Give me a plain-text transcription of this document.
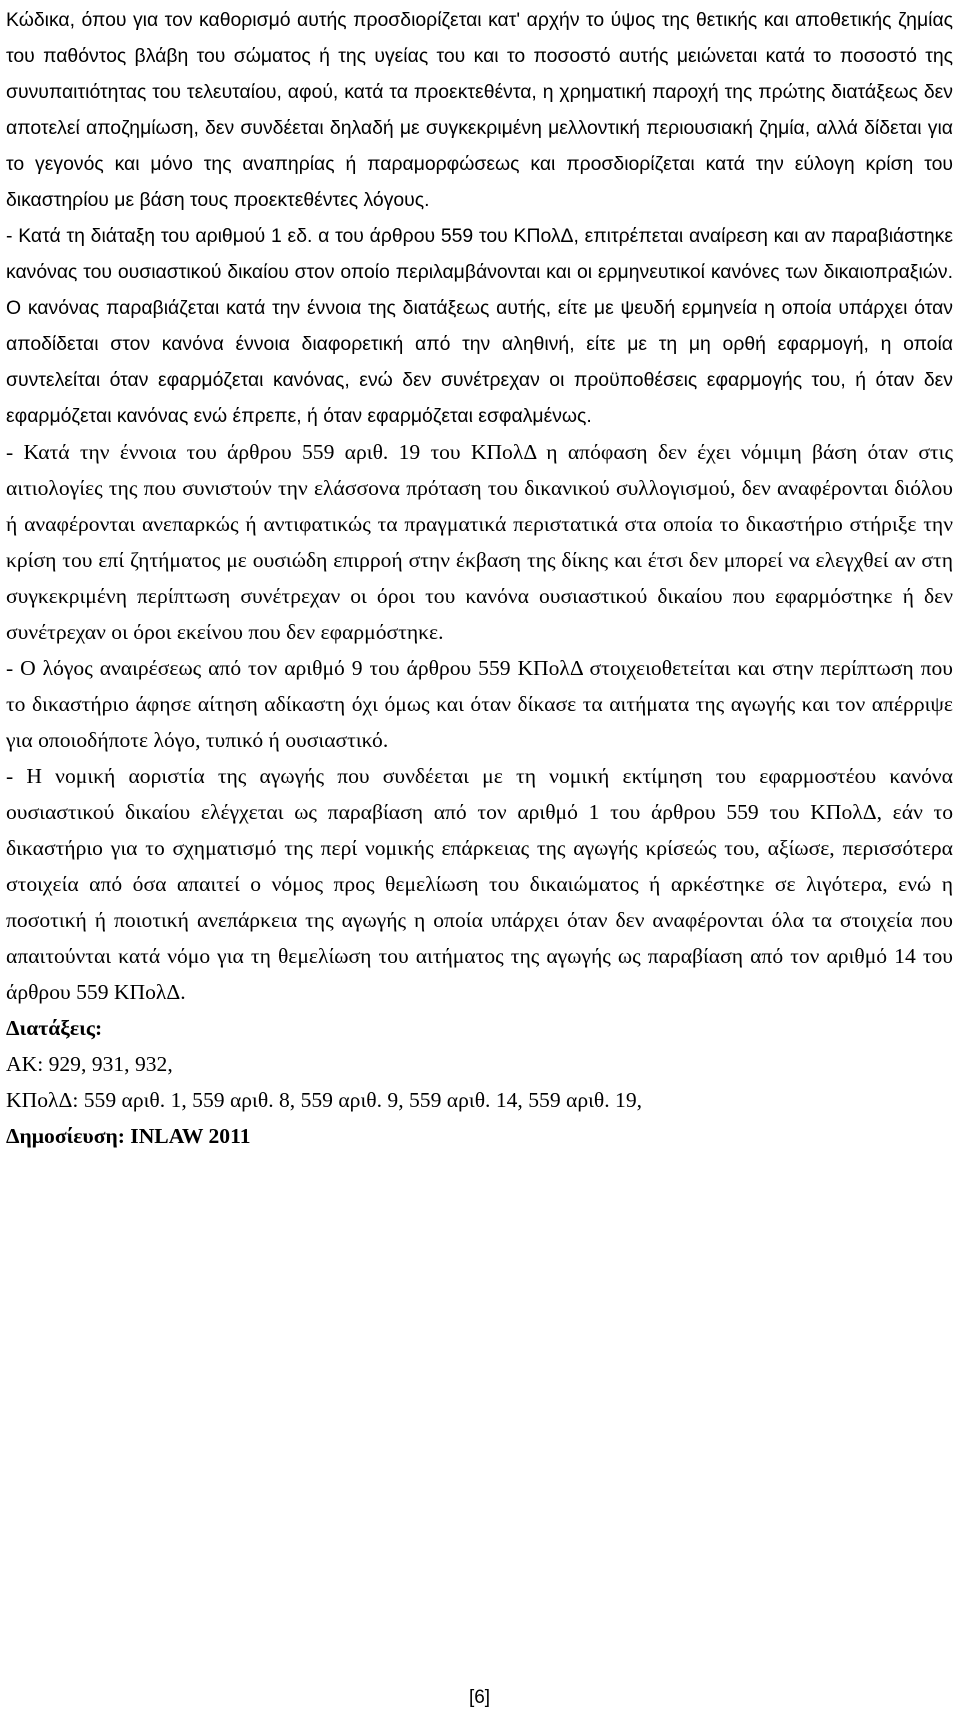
Κώδικα, όπου για τον καθορισμό αυτής προσδιορίζεται κατ' αρχήν το ύψος της θετικής και αποθετικής ζημίας του παθόντος βλάβη του σώματος ή της υγείας του και το ποσοστό αυτής μειώνεται κατά το ποσοστό της συνυπαιτιότητας του τελευταίου, αφού, κατά τα προεκτεθέντα, η χρηματική παροχή της πρώτης διατάξεως δεν αποτελεί αποζημίωση, δεν συνδέεται δηλαδή με συγκεκριμένη μελλοντική περιουσιακή ζημία, αλλά δίδεται για το γεγονός και μόνο της αναπηρίας ή παραμορφώσεως και προσδιορίζεται κατά την εύλογη κρίση του δικαστηρίου με βάση τους προεκτεθέντες λόγους.

- Κατά τη διάταξη του αριθμού 1 εδ. α του άρθρου 559 του ΚΠολΔ, επιτρέπεται αναίρεση και αν παραβιάστηκε κανόνας του ουσιαστικού δικαίου στον οποίο περιλαμβάνονται και οι ερμηνευτικοί κανόνες των δικαιοπραξιών. Ο κανόνας παραβιάζεται κατά την έννοια της διατάξεως αυτής, είτε με ψευδή ερμηνεία η οποία υπάρχει όταν αποδίδεται στον κανόνα έννοια διαφορετική από την αληθινή, είτε με τη μη ορθή εφαρμογή, η οποία συντελείται όταν εφαρμόζεται κανόνας, ενώ δεν συνέτρεχαν οι προϋποθέσεις εφαρμογής του, ή όταν δεν εφαρμόζεται κανόνας ενώ έπρεπε, ή όταν εφαρμόζεται εσφαλμένως.

- Κατά την έννοια του άρθρου 559 αριθ. 19 του ΚΠολΔ η απόφαση δεν έχει νόμιμη βάση όταν στις αιτιολογίες της που συνιστούν την ελάσσονα πρόταση του δικανικού συλλογισμού, δεν αναφέρονται διόλου ή αναφέρονται ανεπαρκώς ή αντιφατικώς τα πραγματικά περιστατικά στα οποία το δικαστήριο στήριξε την κρίση του επί ζητήματος με ουσιώδη επιρροή στην έκβαση της δίκης και έτσι δεν μπορεί να ελεγχθεί αν στη συγκεκριμένη περίπτωση συνέτρεχαν οι όροι του κανόνα ουσιαστικού δικαίου που εφαρμόστηκε ή δεν συνέτρεχαν οι όροι εκείνου που δεν εφαρμόστηκε.

- Ο λόγος αναιρέσεως από τον αριθμό 9 του άρθρου 559 ΚΠολΔ στοιχειοθετείται και στην περίπτωση που το δικαστήριο άφησε αίτηση αδίκαστη όχι όμως και όταν δίκασε τα αιτήματα της αγωγής και τον απέρριψε για οποιοδήποτε λόγο, τυπικό ή ουσιαστικό.

- Η νομική αοριστία της αγωγής που συνδέεται με τη νομική εκτίμηση του εφαρμοστέου κανόνα ουσιαστικού δικαίου ελέγχεται ως παραβίαση από τον αριθμό 1 του άρθρου 559 του ΚΠολΔ, εάν το δικαστήριο για το σχηματισμό της περί νομικής επάρκειας της αγωγής κρίσεώς του, αξίωσε, περισσότερα στοιχεία από όσα απαιτεί ο νόμος προς θεμελίωση του δικαιώματος ή αρκέστηκε σε λιγότερα, ενώ η ποσοτική ή ποιοτική ανεπάρκεια της αγωγής η οποία υπάρχει όταν δεν αναφέρονται όλα τα στοιχεία που απαιτούνται κατά νόμο για τη θεμελίωση του αιτήματος της αγωγής ως παραβίαση από τον αριθμό 14 του άρθρου 559 ΚΠολΔ.

Διατάξεις:

ΑΚ: 929, 931, 932,

ΚΠολΔ: 559 αριθ. 1, 559 αριθ. 8, 559 αριθ. 9, 559 αριθ. 14, 559 αριθ. 19,

Δημοσίευση: INLAW 2011

[6]
